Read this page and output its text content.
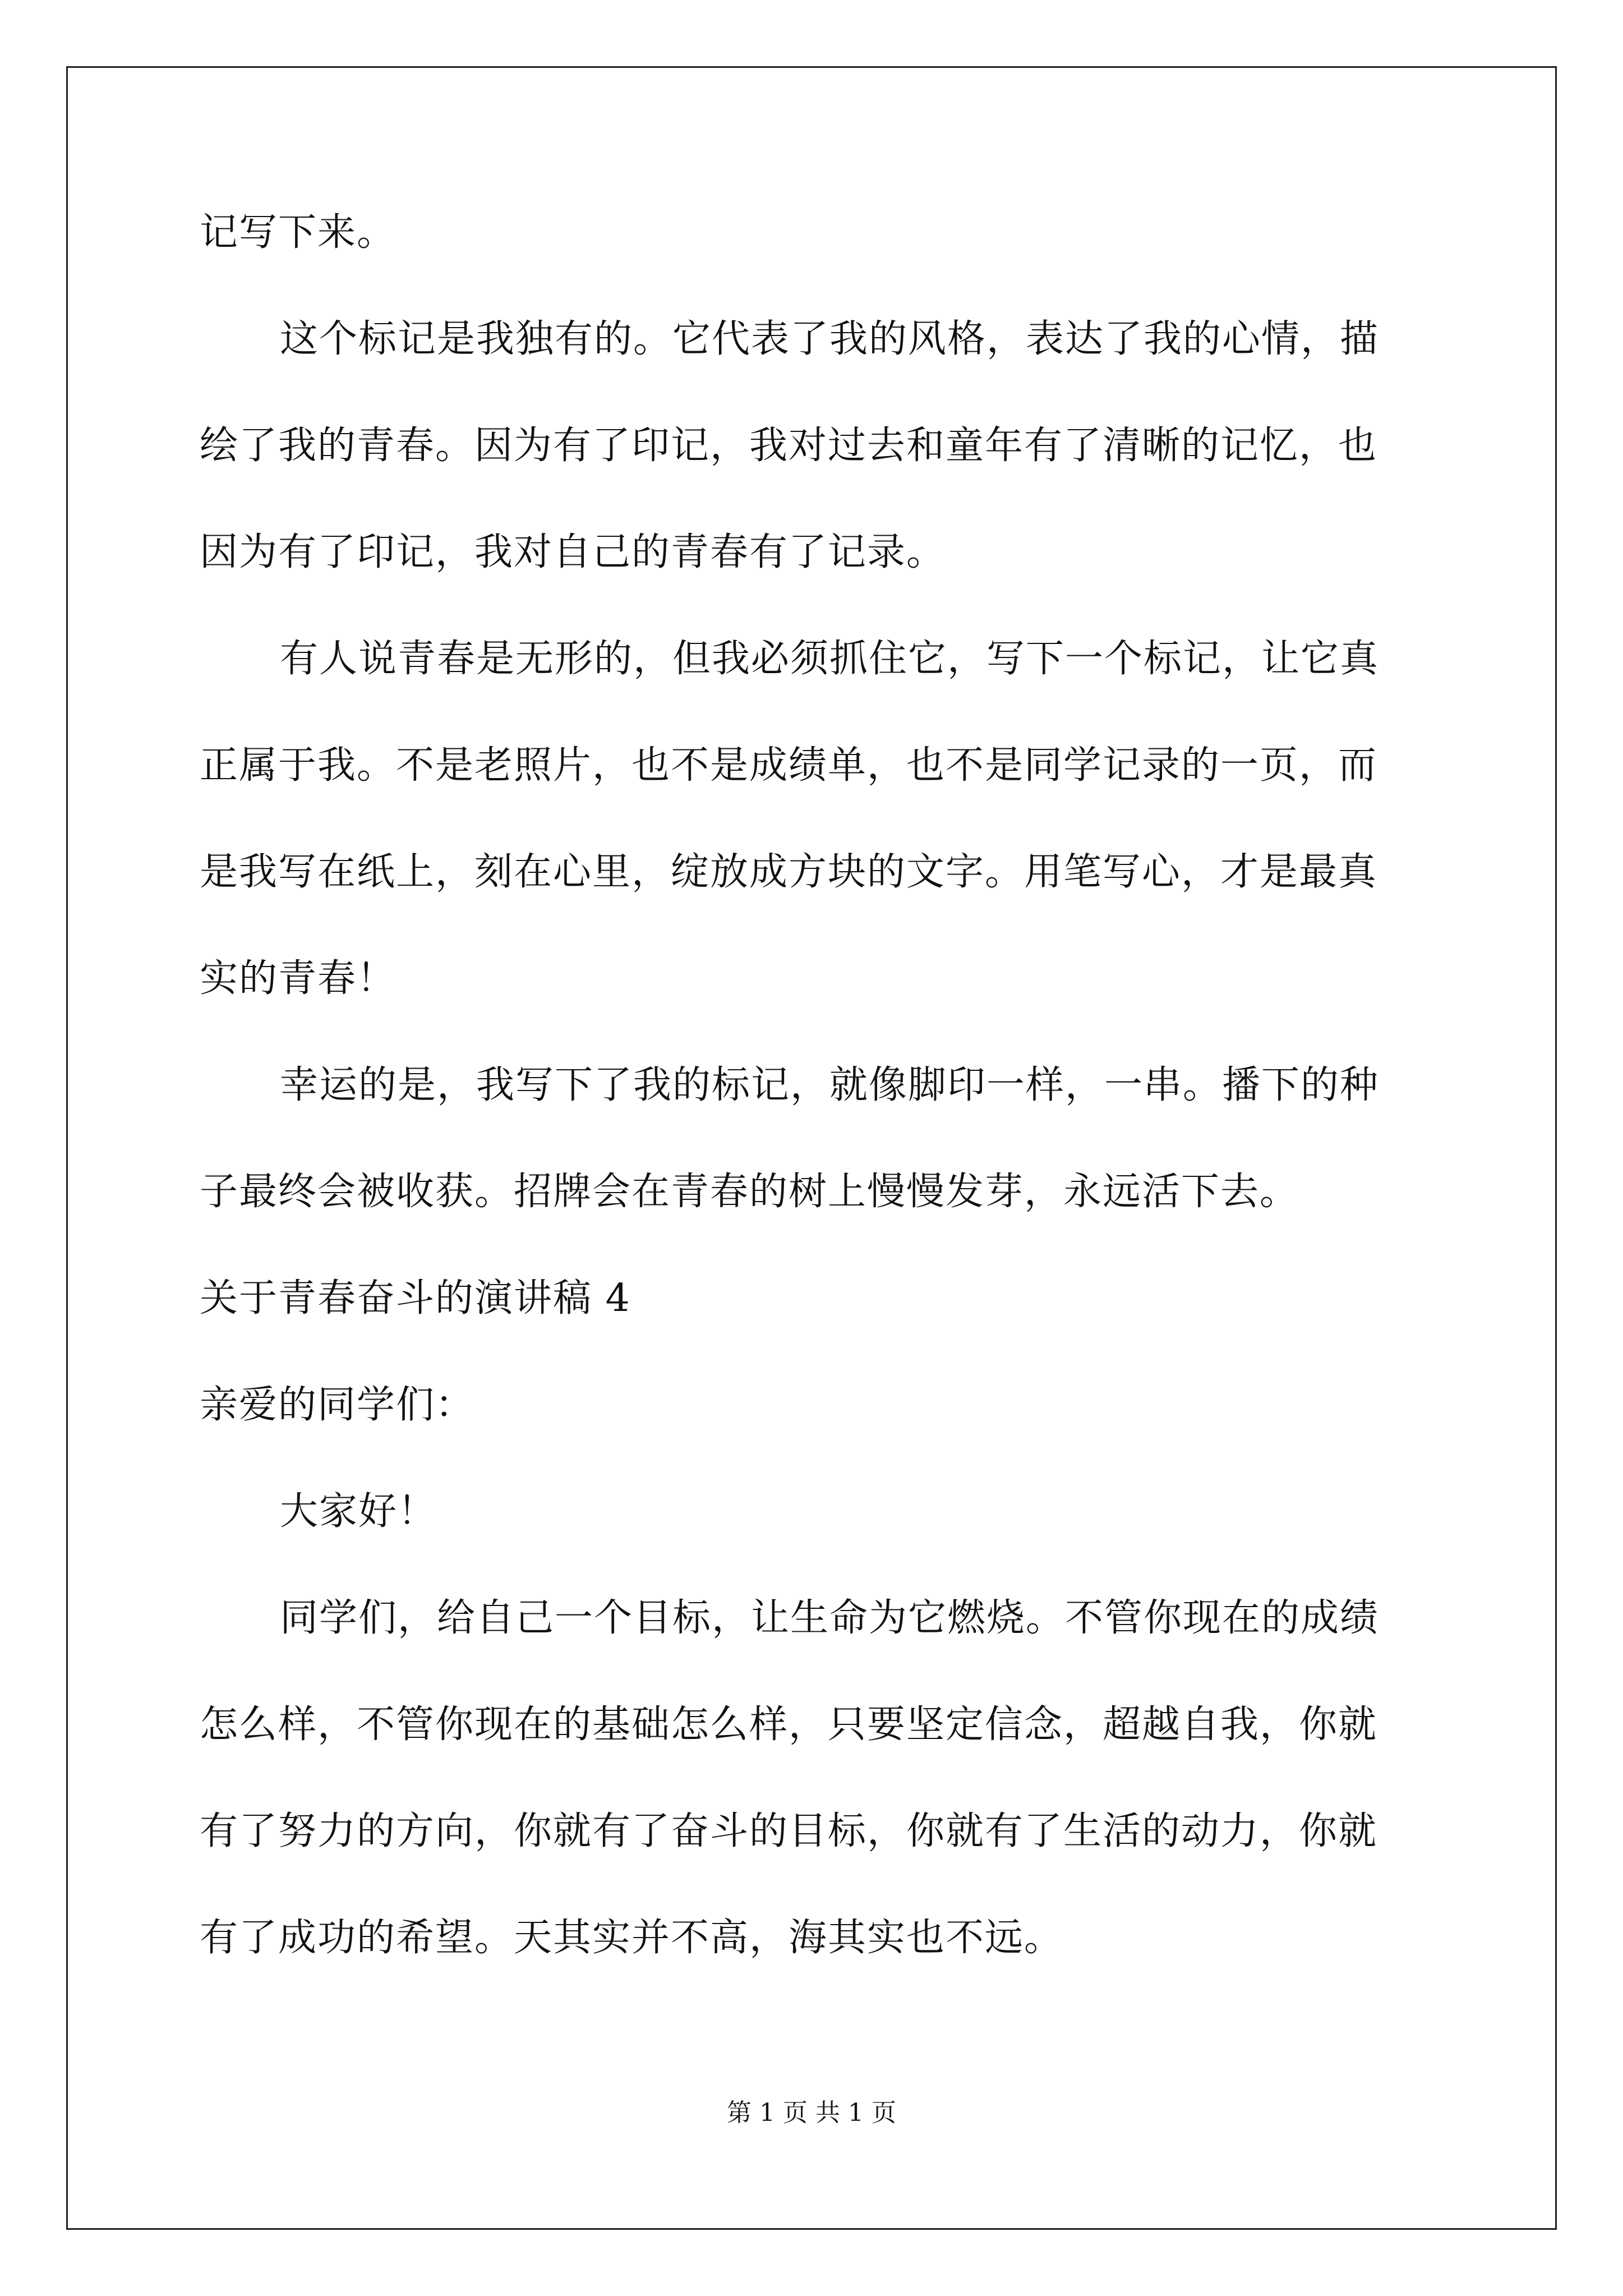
记写下来。
这个标记是我独有的。它代表了我的风格，表达了我的心情，描
绘了我的青春。因为有了印记，我对过去和童年有了清晰的记忆，也
因为有了印记，我对自己的青春有了记录。
有人说青春是无形的，但我必须抓住它，写下一个标记，让它真
正属于我。不是老照片，也不是成绩单，也不是同学记录的一页，而
是我写在纸上，刻在心里，绽放成方块的文字。用笔写心，才是最真
实的青春！
幸运的是，我写下了我的标记，就像脚印一样，一串。播下的种
子最终会被收获。招牌会在青春的树上慢慢发芽，永远活下去。
关于青春奋斗的演讲稿 4
亲爱的同学们：
大家好！
同学们，给自己一个目标，让生命为它燃烧。不管你现在的成绩
怎么样，不管你现在的基础怎么样，只要坚定信念，超越自我，你就
有了努力的方向，你就有了奋斗的目标，你就有了生活的动力，你就
有了成功的希望。天其实并不高，海其实也不远。
第 1 页 共 1 页
